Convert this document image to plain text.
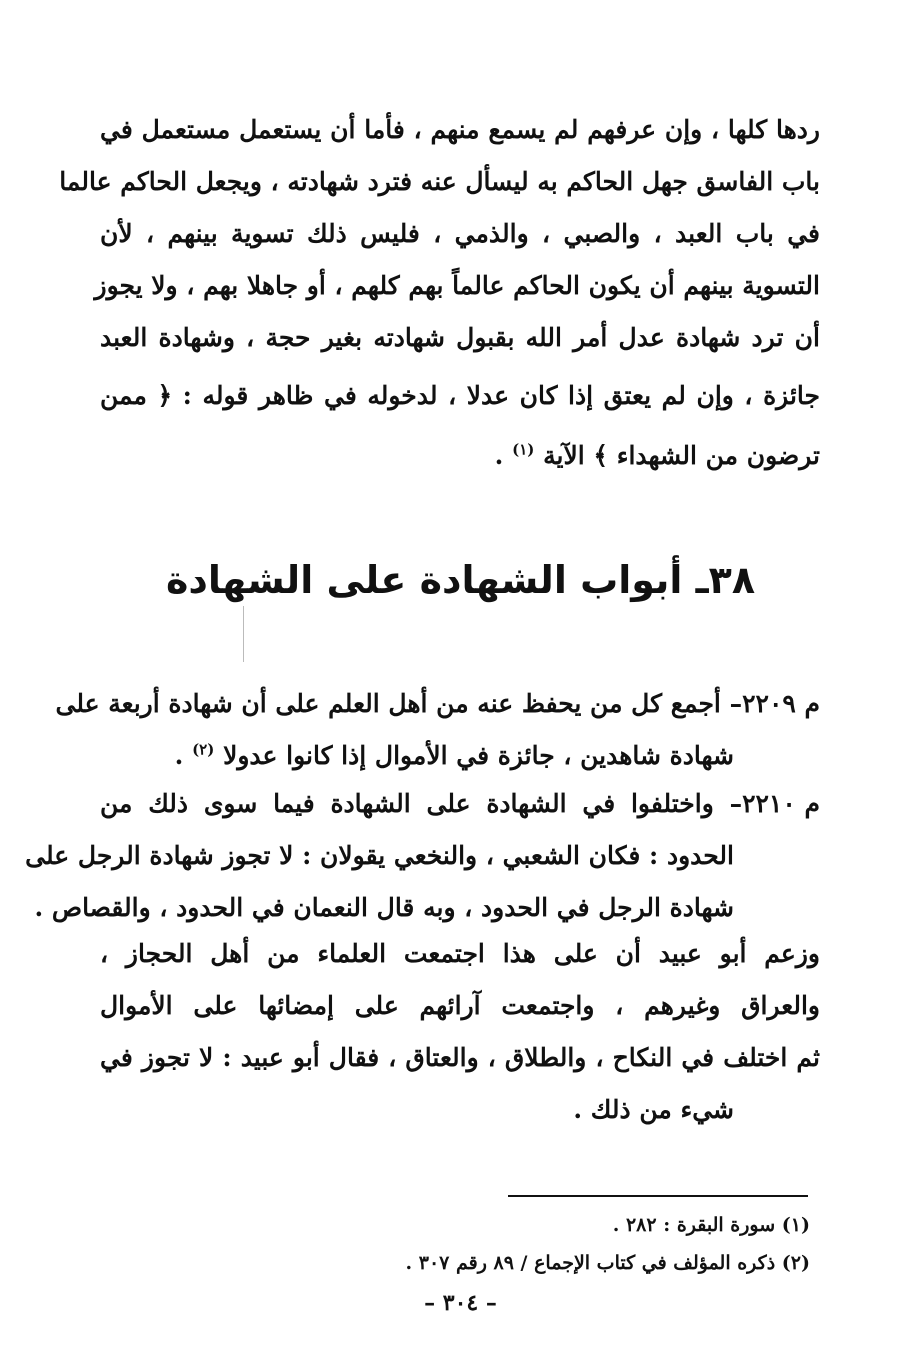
ردها كلها ، وإن عرفهم لم يسمع منهم ، فأما أن يستعمل مستعمل في
باب الفاسق جهل الحاكم به ليسأل عنه فترد شهادته ، ويجعل الحاكم عالما
في باب العبد ، والصبي ، والذمي ، فليس ذلك تسوية بينهم ، لأن
التسوية بينهم أن يكون الحاكم عالماً بهم كلهم ، أو جاهلا بهم ، ولا يجوز
أن ترد شهادة عدل أمر الله بقبول شهادته بغير حجة ، وشهادة العبد
جائزة ، وإن لم يعتق إذا كان عدلا ، لدخوله في ظاهر قوله : ﴿ ممن
ترضون من الشهداء ﴾ الآية $^{(١)}$ .
٣٨ـ أبواب الشهادة على الشهادة
م ٢٢٠٩– أجمع كل من يحفظ عنه من أهل العلم على أن شهادة أربعة على
شهادة شاهدين ، جائزة في الأموال إذا كانوا عدولا $^{(٢)}$ .
م ٢٢١٠– واختلفوا في الشهادة على الشهادة فيما سوى ذلك من
الحدود : فكان الشعبي ، والنخعي يقولان : لا تجوز شهادة الرجل على
شهادة الرجل في الحدود ، وبه قال النعمان في الحدود ، والقصاص .
وزعم أبو عبيد أن على هذا اجتمعت العلماء من أهل الحجاز ،
والعراق وغيرهم ، واجتمعت آرائهم على إمضائها على الأموال
ثم اختلف في النكاح ، والطلاق ، والعتاق ، فقال أبو عبيد : لا تجوز في
شيء من ذلك .
(١) سورة البقرة : ٢٨٢ .
(٢) ذكره المؤلف في كتاب الإجماع / ٨٩ رقم ٣٠٧ .
– ٣٠٤ –
